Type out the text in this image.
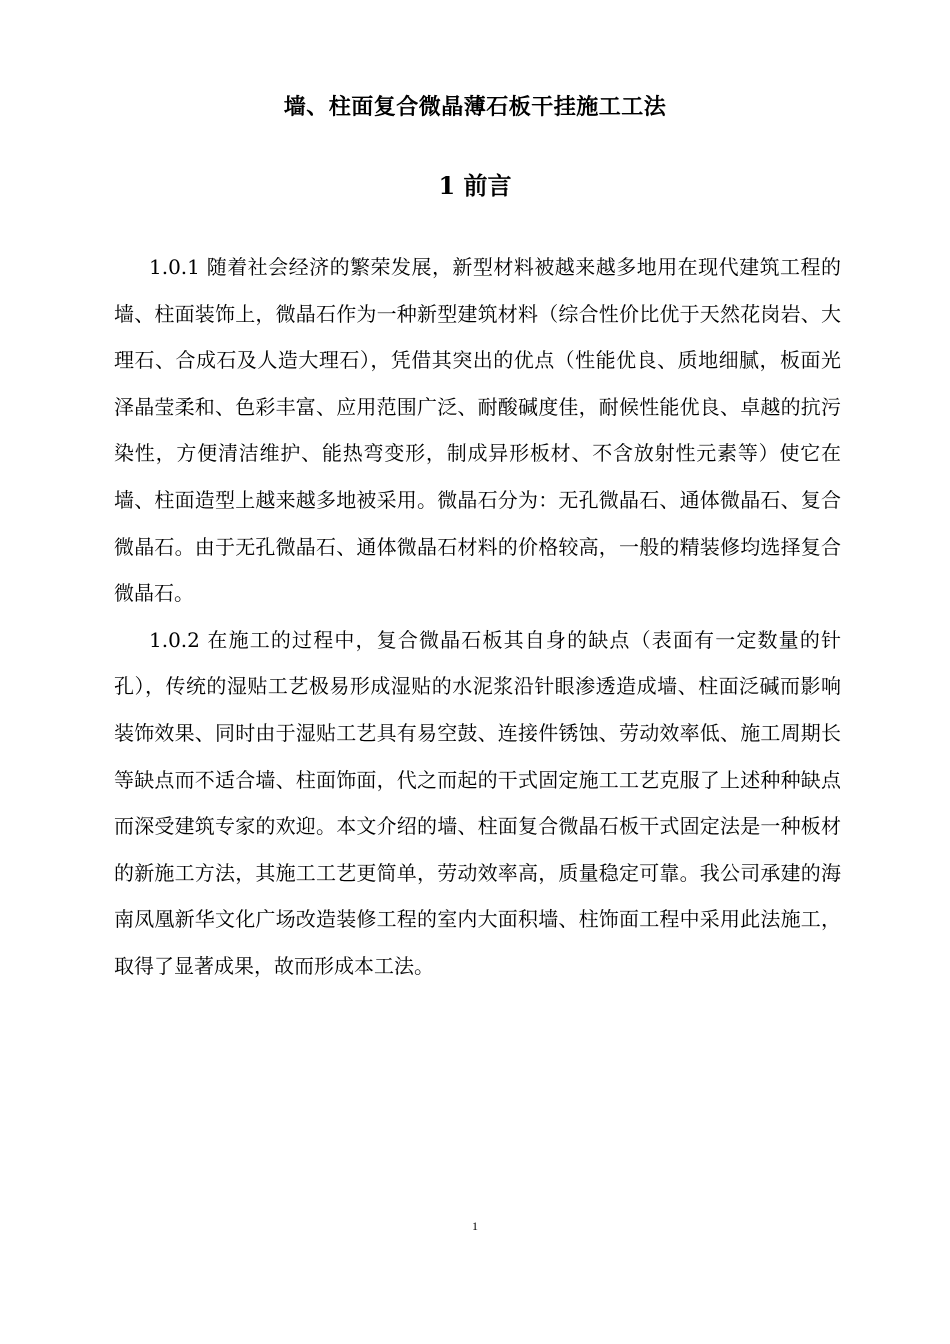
墙、柱面复合微晶薄石板干挂施工工法
1 前言

1.0.1 随着社会经济的繁荣发展，新型材料被越来越多地用在现代建筑工程的墙、柱面装饰上，微晶石作为一种新型建筑材料（综合性价比优于天然花岗岩、大理石、合成石及人造大理石），凭借其突出的优点（性能优良、质地细腻，板面光泽晶莹柔和、色彩丰富、应用范围广泛、耐酸碱度佳，耐候性能优良、卓越的抗污染性，方便清洁维护、能热弯变形，制成异形板材、不含放射性元素等）使它在墙、柱面造型上越来越多地被采用。微晶石分为：无孔微晶石、通体微晶石、复合微晶石。由于无孔微晶石、通体微晶石材料的价格较高，一般的精装修均选择复合微晶石。

1.0.2 在施工的过程中，复合微晶石板其自身的缺点（表面有一定数量的针孔），传统的湿贴工艺极易形成湿贴的水泥浆沿针眼渗透造成墙、柱面泛碱而影响装饰效果、同时由于湿贴工艺具有易空鼓、连接件锈蚀、劳动效率低、施工周期长等缺点而不适合墙、柱面饰面，代之而起的干式固定施工工艺克服了上述种种缺点而深受建筑专家的欢迎。本文介绍的墙、柱面复合微晶石板干式固定法是一种板材的新施工方法，其施工工艺更简单，劳动效率高，质量稳定可靠。我公司承建的海南凤凰新华文化广场改造装修工程的室内大面积墙、柱饰面工程中采用此法施工，取得了显著成果，故而形成本工法。

1
